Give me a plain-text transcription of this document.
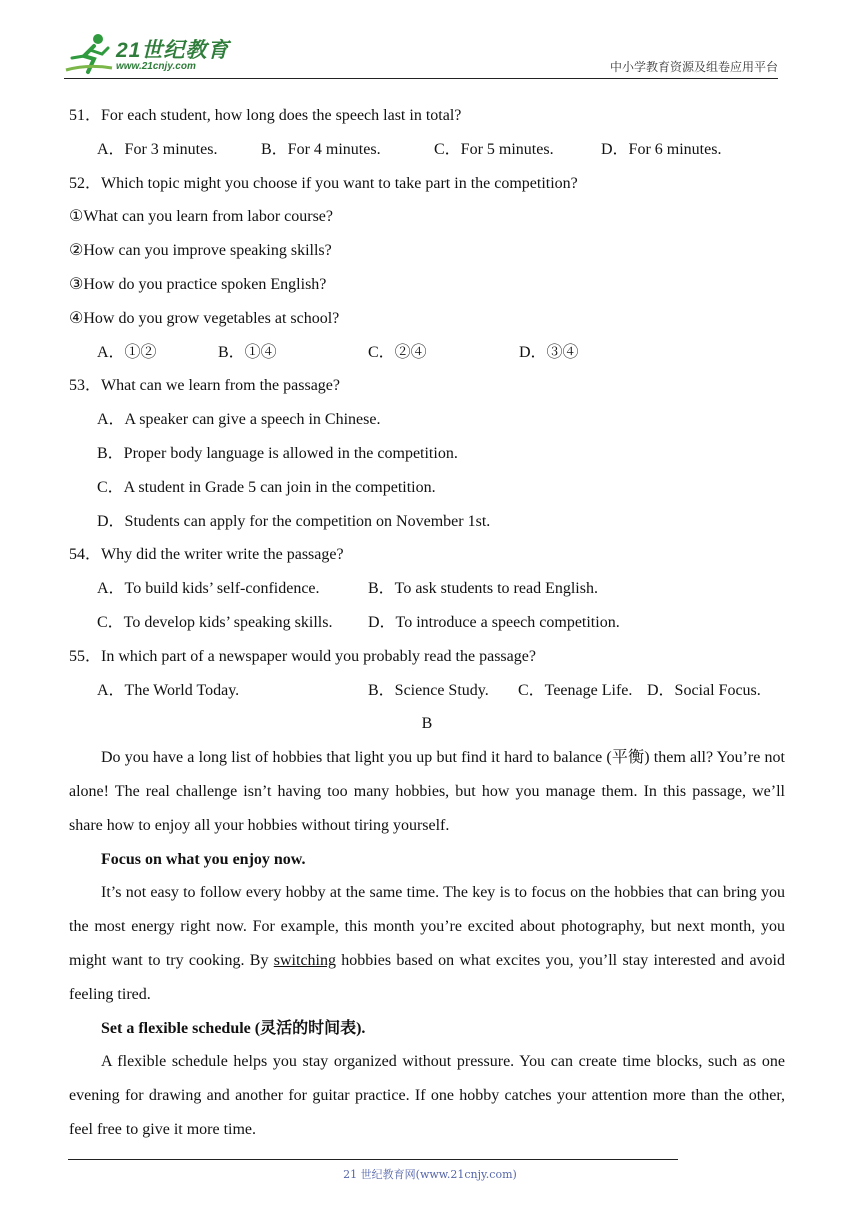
21世纪教育
www.21cnjy.com	中小学教育资源及组卷应用平台
51．For each student, how long does the speech last in total?
A．For 3 minutes.	B．For 4 minutes.	C．For 5 minutes.	D．For 6 minutes.
52．Which topic might you choose if you want to take part in the competition?
①What can you learn from labor course?
②How can you improve speaking skills?
③How do you practice spoken English?
④How do you grow vegetables at school?
A．①②	B．①④	C．②④	D．③④
53．What can we learn from the passage?
A．A speaker can give a speech in Chinese.
B．Proper body language is allowed in the competition.
C．A student in Grade 5 can join in the competition.
D．Students can apply for the competition on November 1st.
54．Why did the writer write the passage?
A．To build kids’ self-confidence.	B．To ask students to read English.
C．To develop kids’ speaking skills. D．To introduce a speech competition.
55．In which part of a newspaper would you probably read the passage?
A．The World Today.	B．Science Study. C．Teenage Life. D．Social Focus.
B

Do you have a long list of hobbies that light you up but find it hard to balance (平衡) them all? You’re not alone! The real challenge isn’t having too many hobbies, but how you manage them. In this passage, we’ll share how to enjoy all your hobbies without tiring yourself.

Focus on what you enjoy now.

It’s not easy to follow every hobby at the same time. The key is to focus on the hobbies that can bring you the most energy right now. For example, this month you’re excited about photography, but next month, you might want to try cooking. By switching hobbies based on what excites you, you’ll stay interested and avoid feeling tired.

Set a flexible schedule (灵活的时间表).

A flexible schedule helps you stay organized without pressure. You can create time blocks, such as one evening for drawing and another for guitar practice. If one hobby catches your attention more than the other, feel free to give it more time.

21 世纪教育网(www.21cnjy.com)
